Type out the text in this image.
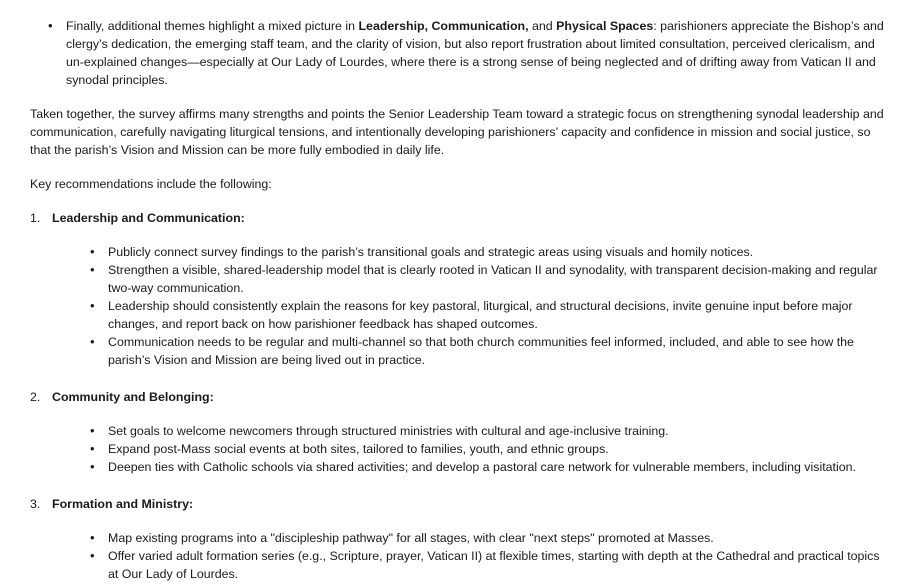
• Finally, additional themes highlight a mixed picture in Leadership, Communication, and Physical Spaces: parishioners appreciate the Bishop’s and clergy’s dedication, the emerging staff team, and the clarity of vision, but also report frustration about limited consultation, perceived clericalism, and un-explained changes—especially at Our Lady of Lourdes, where there is a strong sense of being neglected and of drifting away from Vatican II and synodal principles.

Taken together, the survey affirms many strengths and points the Senior Leadership Team toward a strategic focus on strengthening synodal leadership and communication, carefully navigating liturgical tensions, and intentionally developing parishioners’ capacity and confidence in mission and social justice, so that the parish’s Vision and Mission can be more fully embodied in daily life.

Key recommendations include the following:

1. Leadership and Communication:
• Publicly connect survey findings to the parish’s transitional goals and strategic areas using visuals and homily notices.
• Strengthen a visible, shared-leadership model that is clearly rooted in Vatican II and synodality, with transparent decision-making and regular two-way communication.
• Leadership should consistently explain the reasons for key pastoral, liturgical, and structural decisions, invite genuine input before major changes, and report back on how parishioner feedback has shaped outcomes.
• Communication needs to be regular and multi-channel so that both church communities feel informed, included, and able to see how the parish’s Vision and Mission are being lived out in practice.
2. Community and Belonging:
• Set goals to welcome newcomers through structured ministries with cultural and age-inclusive training.
• Expand post-Mass social events at both sites, tailored to families, youth, and ethnic groups.
• Deepen ties with Catholic schools via shared activities; and develop a pastoral care network for vulnerable members, including visitation.
3. Formation and Ministry:
• Map existing programs into a "discipleship pathway" for all stages, with clear "next steps" promoted at Masses.
• Offer varied adult formation series (e.g., Scripture, prayer, Vatican II) at flexible times, starting with depth at the Cathedral and practical topics at Our Lady of Lourdes.
